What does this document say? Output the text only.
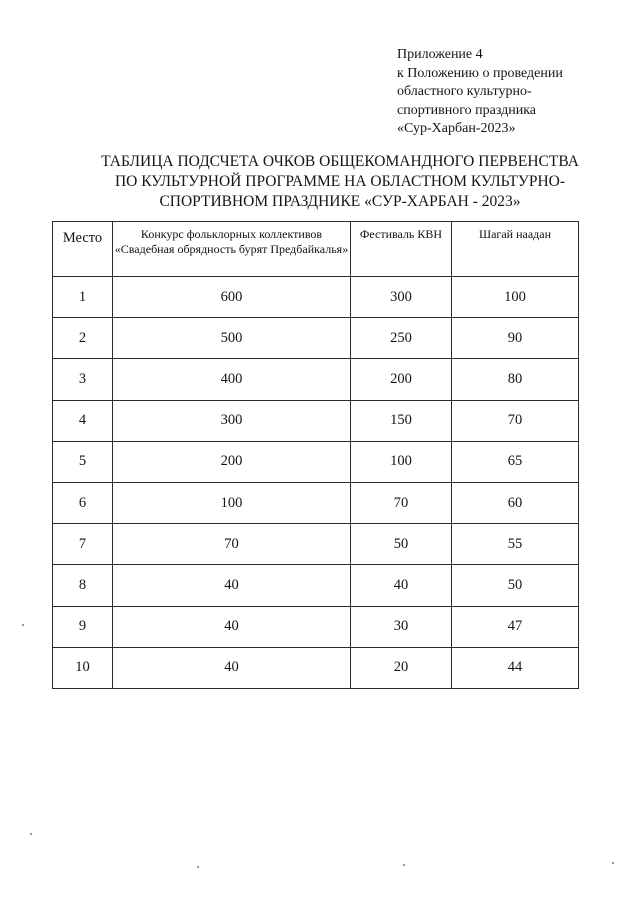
Приложение 4
к Положению о проведении
областного культурно-
спортивного праздника
«Сур-Харбан-2023»
ТАБЛИЦА ПОДСЧЕТА ОЧКОВ ОБЩЕКОМАНДНОГО ПЕРВЕНСТВА
ПО КУЛЬТУРНОЙ ПРОГРАММЕ НА ОБЛАСТНОМ КУЛЬТУРНО-
СПОРТИВНОМ ПРАЗДНИКЕ «СУР-ХАРБАН - 2023»
Место	Конкурс фольклорных коллективов «Свадебная обрядность бурят Предбайкалья»	Фестиваль КВН	Шагай наадан
1	600	300	100
2	500	250	90
3	400	200	80
4	300	150	70
5	200	100	65
6	100	70	60
7	70	50	55
8	40	40	50
9	40	30	47
10	40	20	44
